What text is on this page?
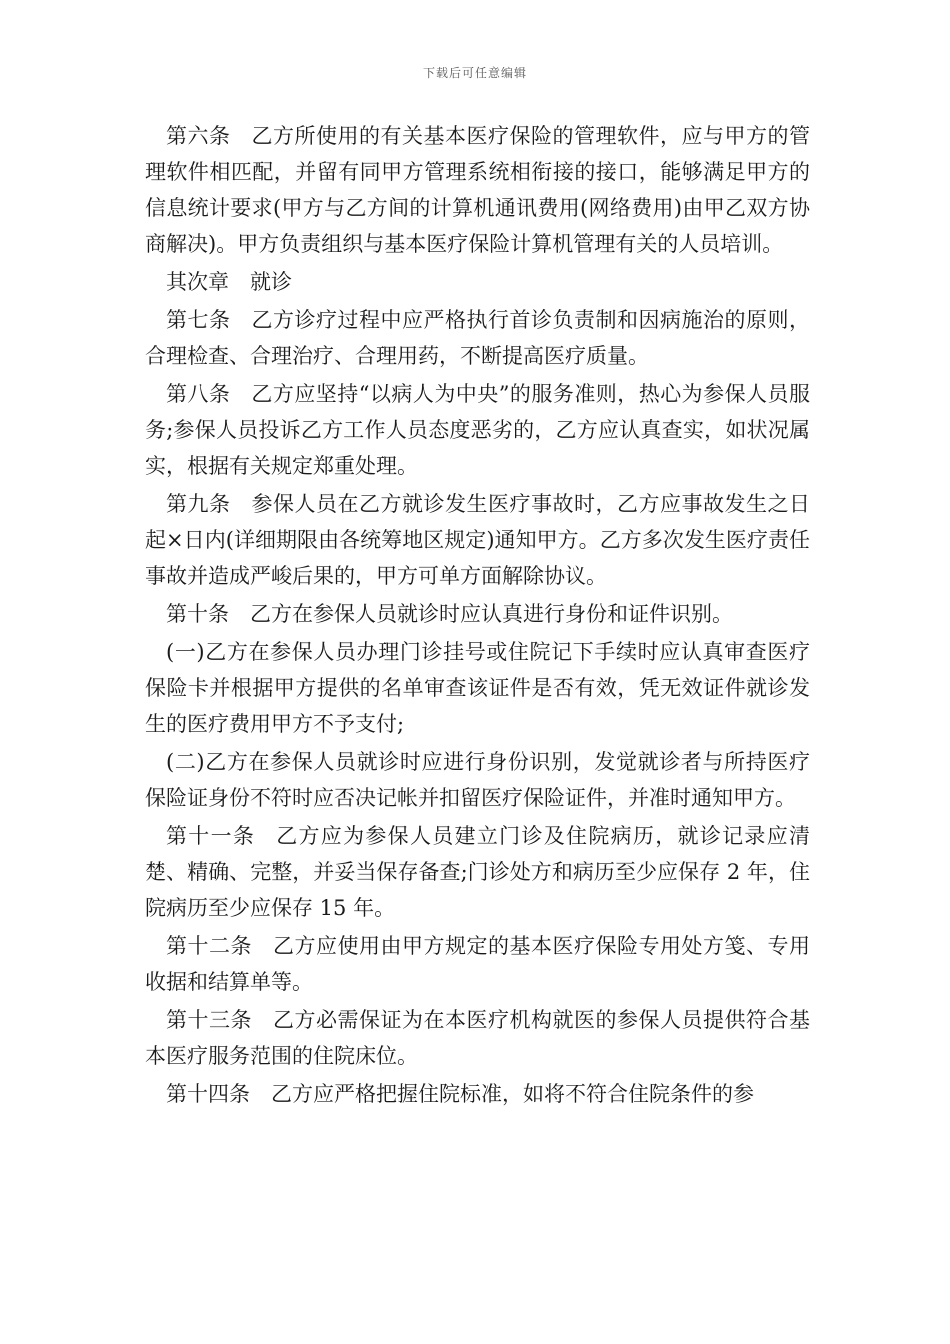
下载后可任意编辑

第六条 乙方所使用的有关基本医疗保险的管理软件，应与甲方的管理软件相匹配，并留有同甲方管理系统相衔接的接口，能够满足甲方的信息统计要求(甲方与乙方间的计算机通讯费用(网络费用)由甲乙双方协商解决)。甲方负责组织与基本医疗保险计算机管理有关的人员培训。

其次章 就诊

第七条 乙方诊疗过程中应严格执行首诊负责制和因病施治的原则，合理检查、合理治疗、合理用药，不断提高医疗质量。

第八条 乙方应坚持“以病人为中央”的服务准则，热心为参保人员服务;参保人员投诉乙方工作人员态度恶劣的，乙方应认真查实，如状况属实，根据有关规定郑重处理。

第九条 参保人员在乙方就诊发生医疗事故时，乙方应事故发生之日起×日内(详细期限由各统筹地区规定)通知甲方。乙方多次发生医疗责任事故并造成严峻后果的，甲方可单方面解除协议。

第十条 乙方在参保人员就诊时应认真进行身份和证件识别。

(一)乙方在参保人员办理门诊挂号或住院记下手续时应认真审查医疗保险卡并根据甲方提供的名单审查该证件是否有效，凭无效证件就诊发生的医疗费用甲方不予支付;

(二)乙方在参保人员就诊时应进行身份识别，发觉就诊者与所持医疗保险证身份不符时应否决记帐并扣留医疗保险证件，并准时通知甲方。

第十一条 乙方应为参保人员建立门诊及住院病历，就诊记录应清楚、精确、完整，并妥当保存备查;门诊处方和病历至少应保存 2 年，住院病历至少应保存 15 年。

第十二条 乙方应使用由甲方规定的基本医疗保险专用处方笺、专用收据和结算单等。

第十三条 乙方必需保证为在本医疗机构就医的参保人员提供符合基本医疗服务范围的住院床位。

第十四条 乙方应严格把握住院标准，如将不符合住院条件的参
